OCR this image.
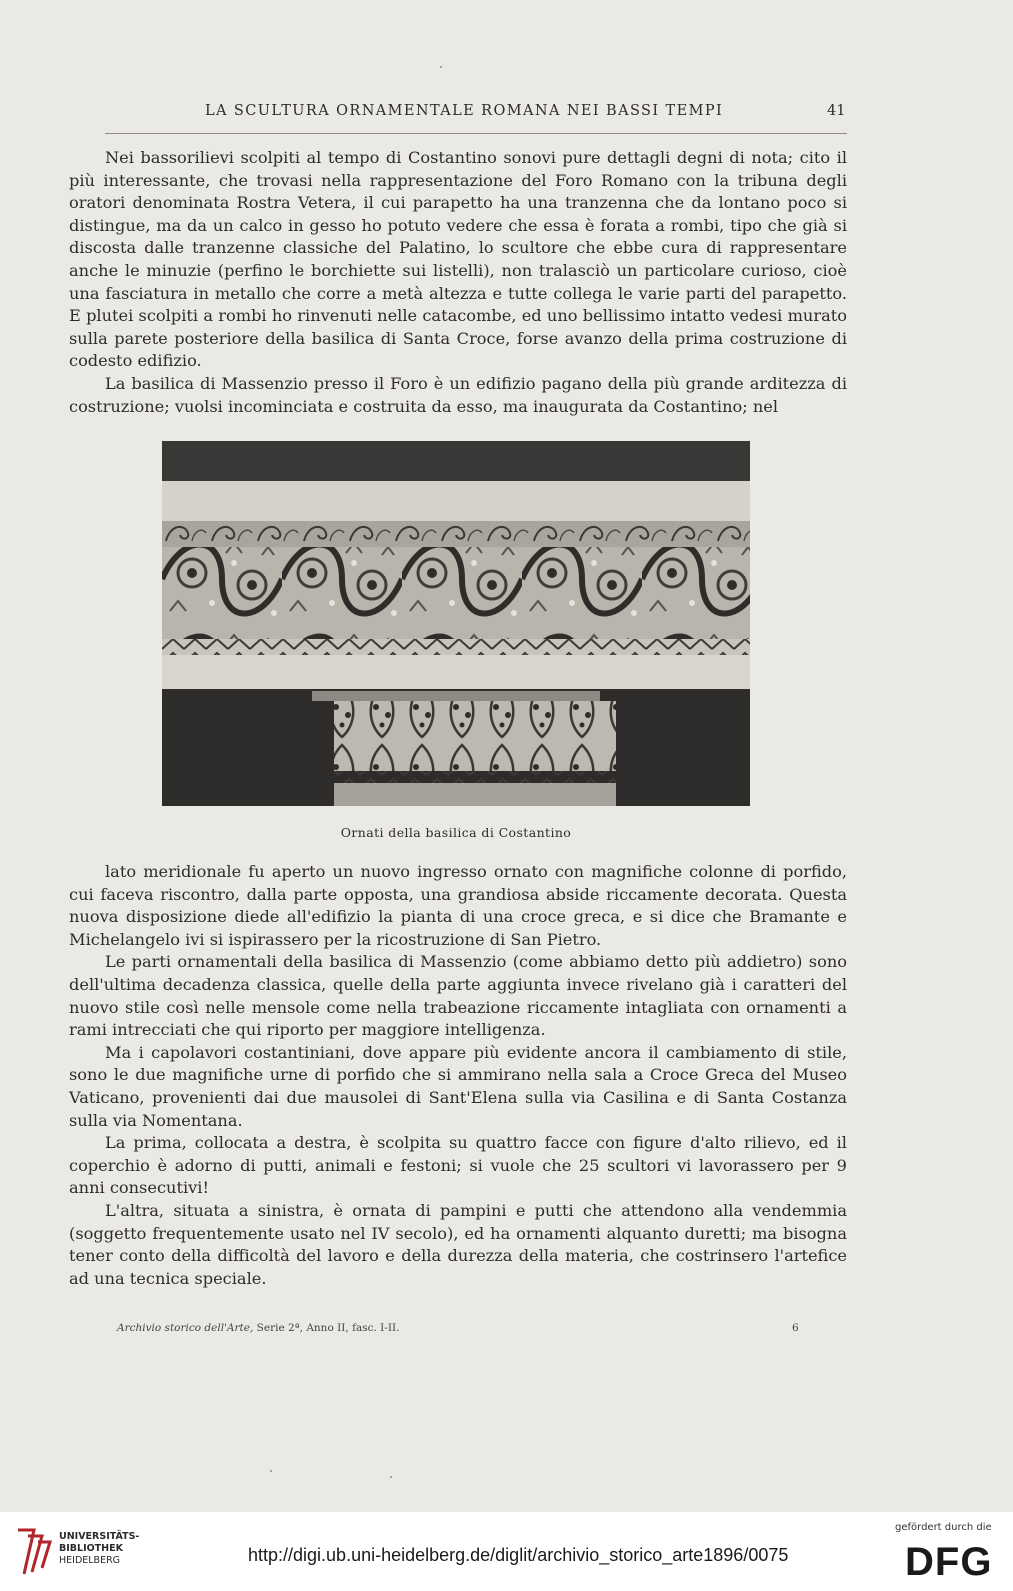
LA SCULTURA ORNAMENTALE ROMANA NEI BASSI TEMPI	41

Nei bassorilievi scolpiti al tempo di Costantino sonovi pure dettagli degni di nota; cito il più interessante, che trovasi nella rappresentazione del Foro Romano con la tribuna degli oratori denominata Rostra Vetera, il cui parapetto ha una tranzenna che da lontano poco si distingue, ma da un calco in gesso ho potuto vedere che essa è forata a rombi, tipo che già si discosta dalle tranzenne classiche del Palatino, lo scultore che ebbe cura di rappresentare anche le minuzie (perfino le borchiette sui listelli), non tralasciò un particolare curioso, cioè una fasciatura in metallo che corre a metà altezza e tutte collega le varie parti del parapetto. E plutei scolpiti a rombi ho rinvenuti nelle catacombe, ed uno bellissimo intatto vedesi murato sulla parete posteriore della basilica di Santa Croce, forse avanzo della prima costruzione di codesto edifizio.

La basilica di Massenzio presso il Foro è un edifizio pagano della più grande arditezza di costruzione; vuolsi incominciata e costruita da esso, ma inaugurata da Costantino; nel

Ornati della basilica di Costantino

lato meridionale fu aperto un nuovo ingresso ornato con magnifiche colonne di porfido, cui faceva riscontro, dalla parte opposta, una grandiosa abside riccamente decorata. Questa nuova disposizione diede all'edifizio la pianta di una croce greca, e si dice che Bramante e Michelangelo ivi si ispirassero per la ricostruzione di San Pietro.

Le parti ornamentali della basilica di Massenzio (come abbiamo detto più addietro) sono dell'ultima decadenza classica, quelle della parte aggiunta invece rivelano già i caratteri del nuovo stile così nelle mensole come nella trabeazione riccamente intagliata con ornamenti a rami intrecciati che qui riporto per maggiore intelligenza.

Ma i capolavori costantiniani, dove appare più evidente ancora il cambiamento di stile, sono le due magnifiche urne di porfido che si ammirano nella sala a Croce Greca del Museo Vaticano, provenienti dai due mausolei di Sant'Elena sulla via Casilina e di Santa Costanza sulla via Nomentana.

La prima, collocata a destra, è scolpita su quattro facce con figure d'alto rilievo, ed il coperchio è adorno di putti, animali e festoni; si vuole che 25 scultori vi lavorassero per 9 anni consecutivi!

L'altra, situata a sinistra, è ornata di pampini e putti che attendono alla vendemmia (soggetto frequentemente usato nel IV secolo), ed ha ornamenti alquanto duretti; ma bisogna tener conto della difficoltà del lavoro e della durezza della materia, che costrinsero l'artefice ad una tecnica speciale.

Archivio storico dell'Arte, Serie 2ª, Anno II, fasc. I-II.	6
UNIVERSITÄTS-
BIBLIOTHEK
HEIDELBERG	http://digi.ub.uni-heidelberg.de/diglit/archivio_storico_arte1896/0075
gefördert durch die
DFG
